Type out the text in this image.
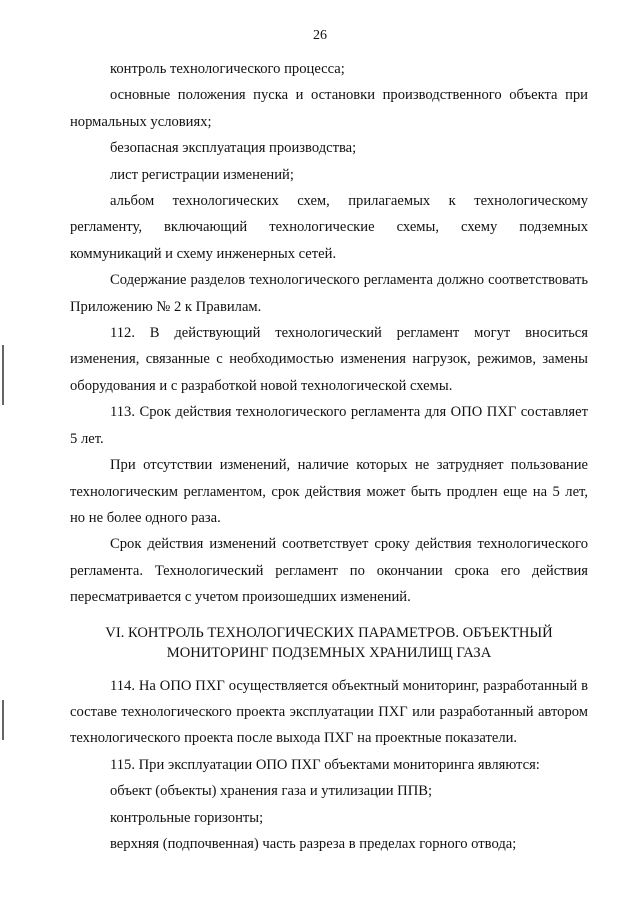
26

контроль технологического процесса;

основные положения пуска и остановки производственного объекта при нормальных условиях;

безопасная эксплуатация производства;

лист регистрации изменений;

альбом технологических схем, прилагаемых к технологическому регламенту, включающий технологические схемы, схему подземных коммуникаций и схему инженерных сетей.

Содержание разделов технологического регламента должно соответствовать Приложению № 2 к Правилам.

112. В действующий технологический регламент могут вноситься изменения, связанные с необходимостью изменения нагрузок, режимов, замены оборудования и с разработкой новой технологической схемы.

113. Срок действия технологического регламента для ОПО ПХГ составляет 5 лет.

При отсутствии изменений, наличие которых не затрудняет пользование технологическим регламентом, срок действия может быть продлен еще на 5 лет, но не более одного раза.

Срок действия изменений соответствует сроку действия технологического регламента. Технологический регламент по окончании срока его действия пересматривается с учетом произошедших изменений.

VI. КОНТРОЛЬ ТЕХНОЛОГИЧЕСКИХ ПАРАМЕТРОВ. ОБЪЕКТНЫЙ
МОНИТОРИНГ ПОДЗЕМНЫХ ХРАНИЛИЩ ГАЗА

114. На ОПО ПХГ осуществляется объектный мониторинг, разработанный в составе технологического проекта эксплуатации ПХГ или разработанный автором технологического проекта после выхода ПХГ на проектные показатели.

115. При эксплуатации ОПО ПХГ объектами мониторинга являются:

объект (объекты) хранения газа и утилизации ППВ;

контрольные горизонты;

верхняя (подпочвенная) часть разреза в пределах горного отвода;
